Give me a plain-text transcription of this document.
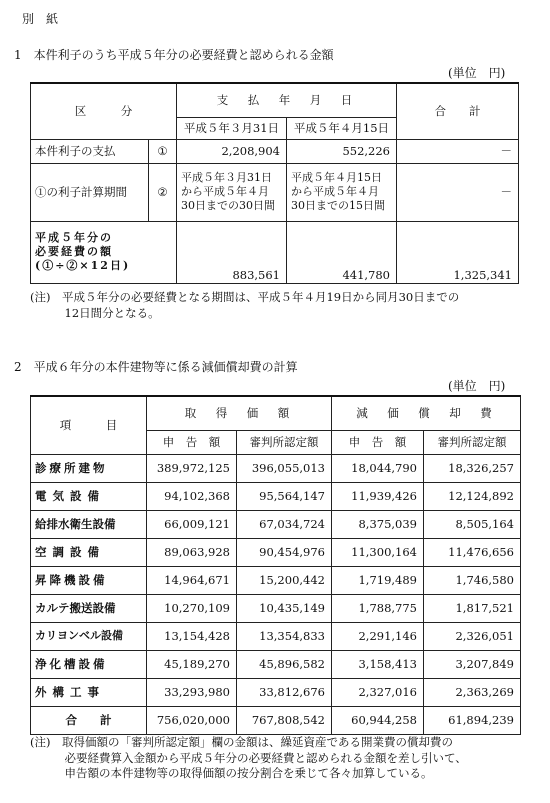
別　紙
1　本件利子のうち平成５年分の必要経費と認められる金額
(単位　円)
区　　　分		支　払　年　月　日		合　　計
		平成５年３月31日	平成５年４月15日	
本件利子の支払	①	2,208,904	552,226	－
①の利子計算期間	②	平成５年３月31日
から平成５年４月
30日までの30日間	平成５年４月15日
から平成５年４月
30日までの15日間	－
平成５年分の
必要経費の額
(①÷②×12日)		883,561	441,780	1,325,341
(注)　平成５年分の必要経費となる期間は、平成５年４月19日から同月30日までの
　　　12日間分となる。
2　平成６年分の本件建物等に係る減価償却費の計算
(単位　円)
項　　　目	取　得　価　額		減　価　償　却　費	
	申　告　額	審判所認定額	申　告　額	審判所認定額
診療所建物	389,972,125	396,055,013	18,044,790	18,326,257
電気設備	94,102,368	95,564,147	11,939,426	12,124,892
給排水衛生設備	66,009,121	67,034,724	8,375,039	8,505,164
空調設備	89,063,928	90,454,976	11,300,164	11,476,656
昇降機設備	14,964,671	15,200,442	1,719,489	1,746,580
カルテ搬送設備	10,270,109	10,435,149	1,788,775	1,817,521
カリヨンベル設備	13,154,428	13,354,833	2,291,146	2,326,051
浄化槽設備	45,189,270	45,896,582	3,158,413	3,207,849
外構工事	33,293,980	33,812,676	2,327,016	2,363,269
合　　計	756,020,000	767,808,542	60,944,258	61,894,239
(注)　取得価額の「審判所認定額」欄の金額は、繰延資産である開業費の償却費の
　　　必要経費算入金額から平成５年分の必要経費と認められる金額を差し引いて、
　　　申告額の本件建物等の取得価額の按分割合を乗じて各々加算している。
